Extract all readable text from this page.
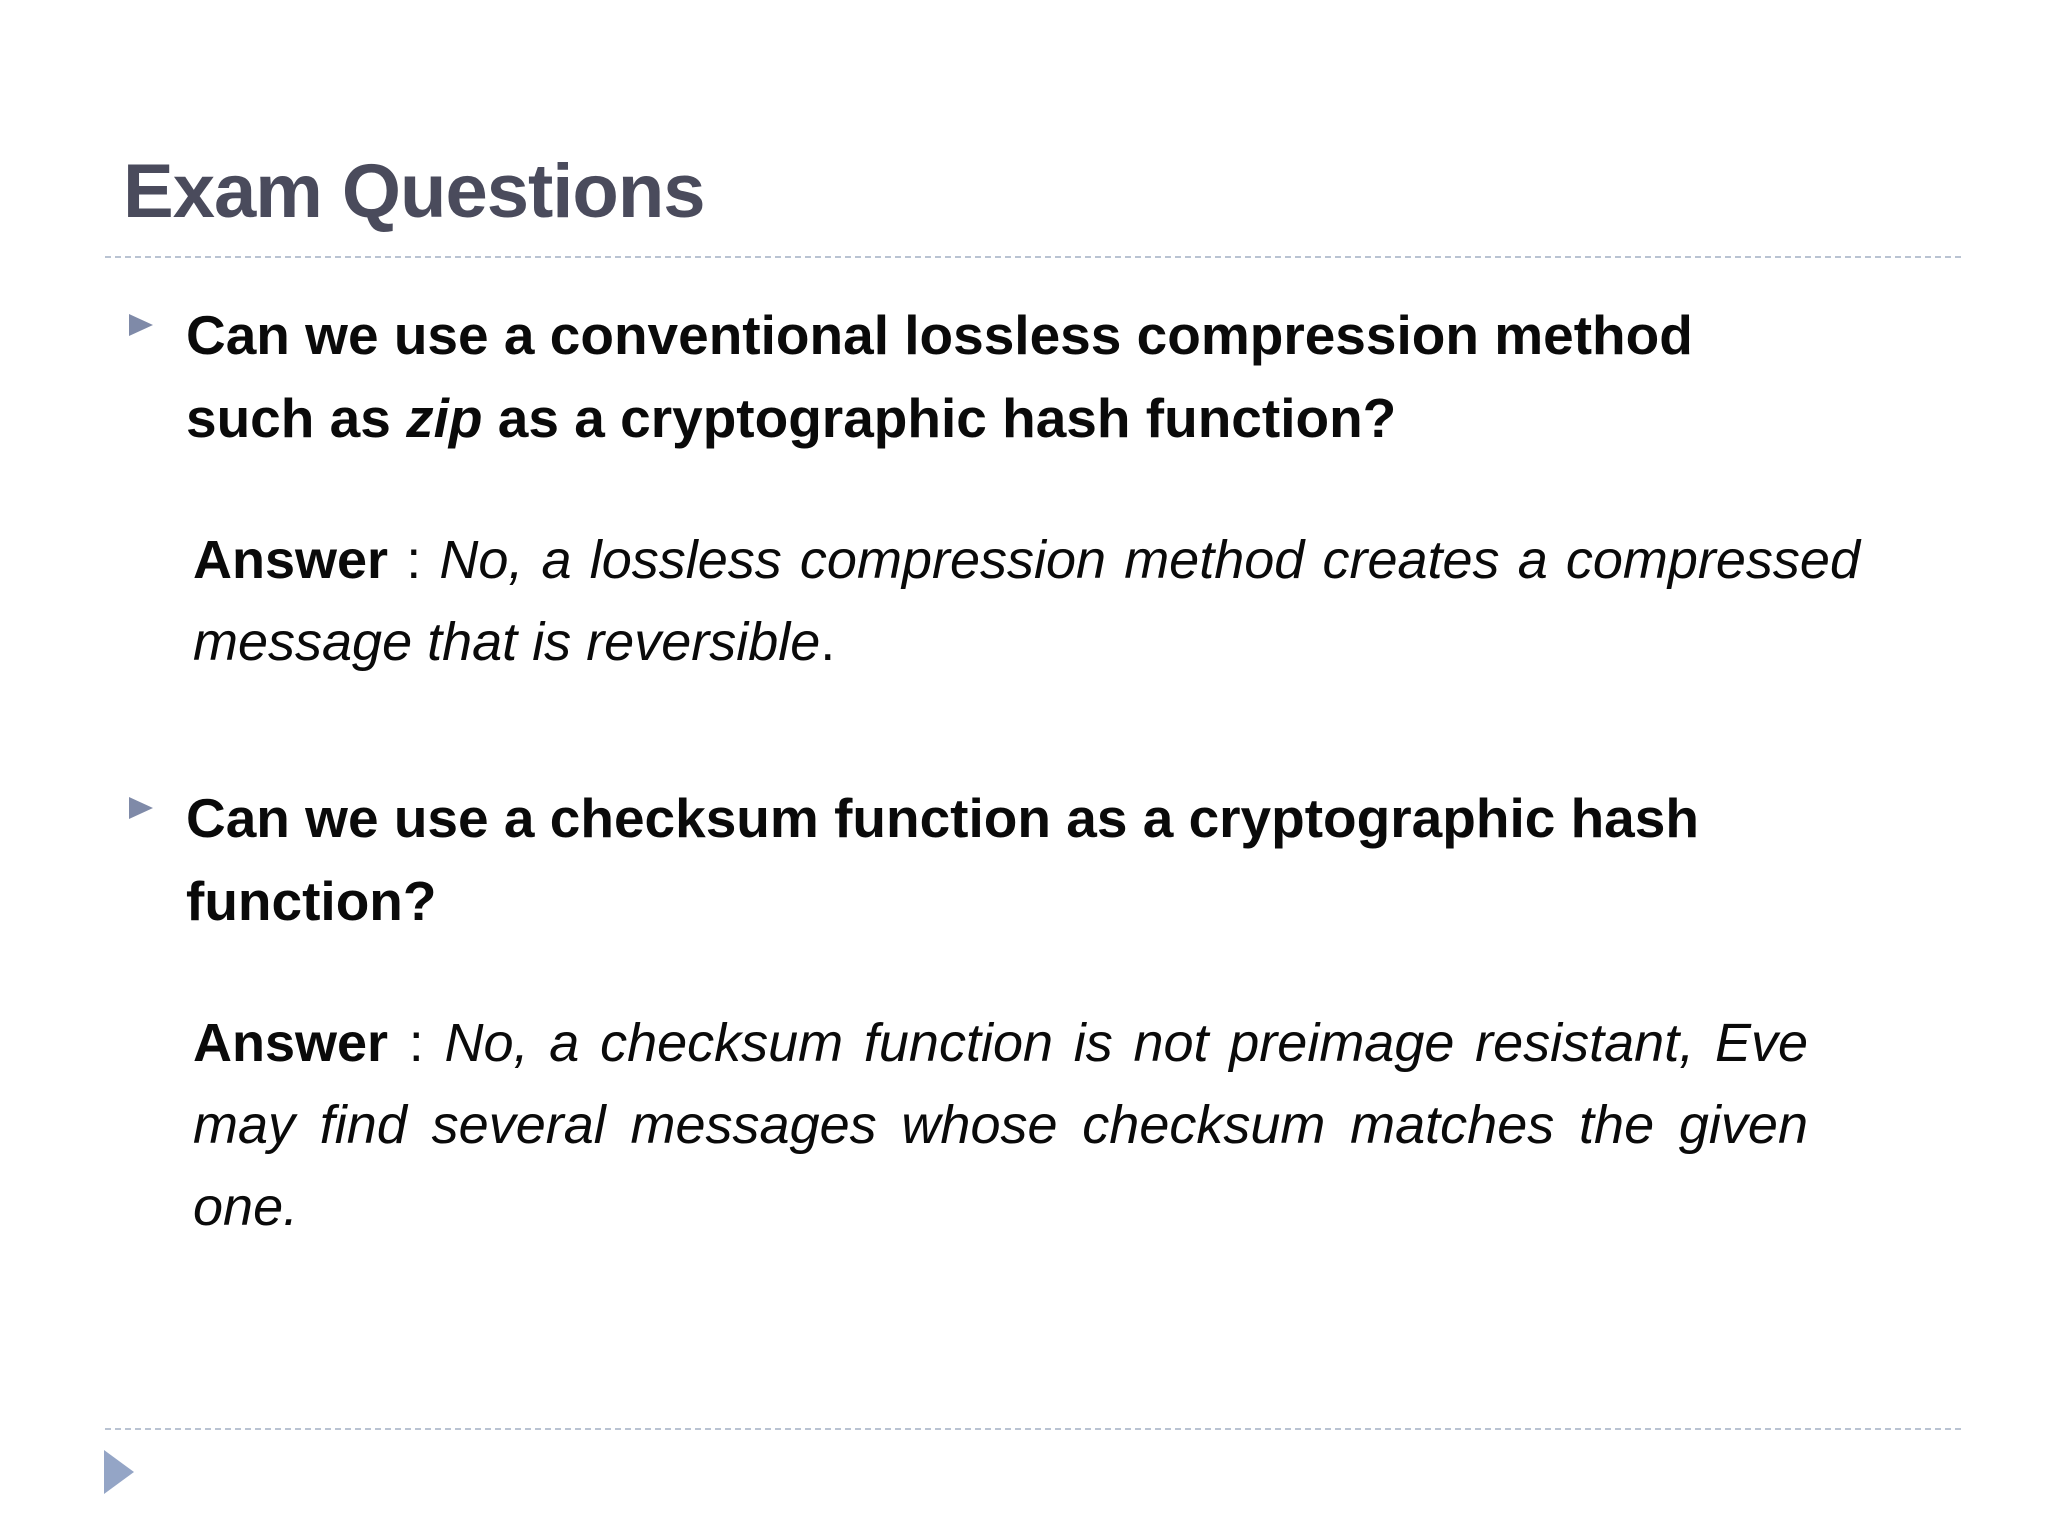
Exam Questions
Can we use a conventional lossless compression method such as zip as a cryptographic hash function?
Answer : No, a lossless compression method creates a compressed message that is reversible.
Can we use a checksum function as a cryptographic hash function?
Answer : No, a checksum function is not preimage resistant, Eve may find several messages whose checksum matches the given one.
